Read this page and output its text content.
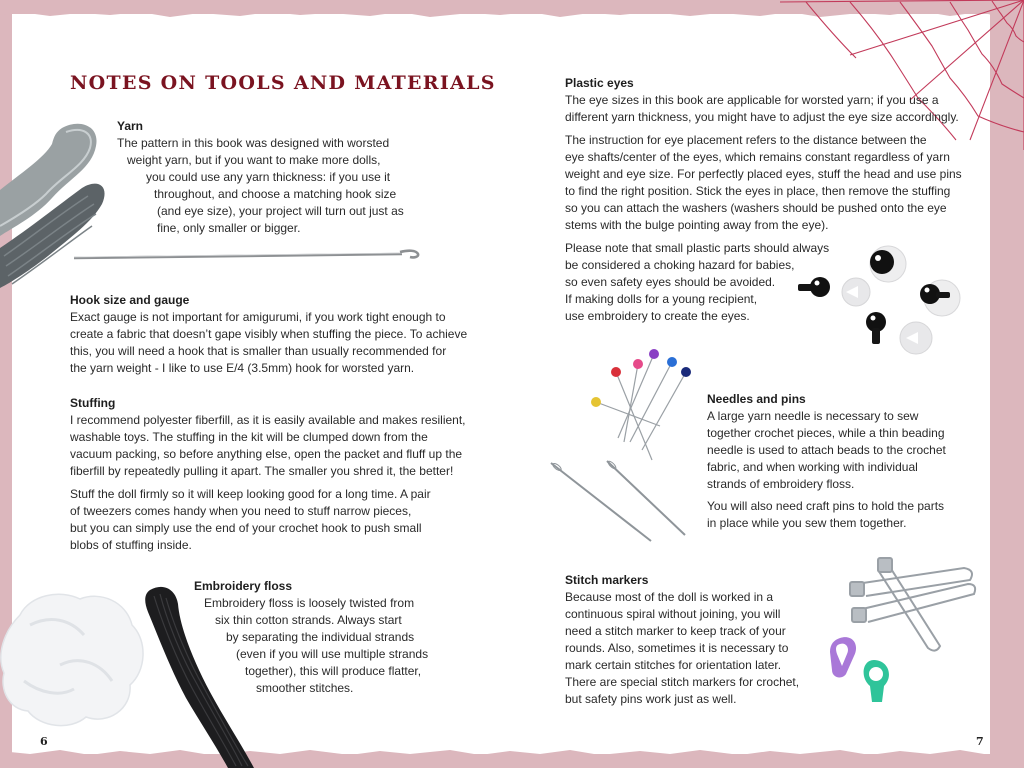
NOTES ON TOOLS AND MATERIALS
Yarn
The pattern in this book was designed with worsted
weight yarn, but if you want to make more dolls,
you could use any yarn thickness: if you use it
throughout, and choose a matching hook size
(and eye size), your project will turn out just as
fine, only smaller or bigger.
Hook size and gauge
Exact gauge is not important for amigurumi, if you work tight enough to
create a fabric that doesn’t gape visibly when stuffing the piece. To achieve
this, you will need a hook that is smaller than usually recommended for
the yarn weight - I like to use E/4 (3.5mm) hook for worsted yarn.
Stuffing
I recommend polyester fiberfill, as it is easily available and makes resilient,
washable toys. The stuffing in the kit will be clumped down from the
vacuum packing, so before anything else, open the packet and fluff up the
fiberfill by repeatedly pulling it apart. The smaller you shred it, the better!
Stuff the doll firmly so it will keep looking good for a long time. A pair
of tweezers comes handy when you need to stuff narrow pieces,
but you can simply use the end of your crochet hook to push small
blobs of stuffing inside.
Embroidery floss
Embroidery floss is loosely twisted from
six thin cotton strands. Always start
by separating the individual strands
(even if you will use multiple strands
together), this will produce flatter,
smoother stitches.
6
Plastic eyes
The eye sizes in this book are applicable for worsted yarn; if you use a
different yarn thickness, you might have to adjust the eye size accordingly.
The instruction for eye placement refers to the distance between the
eye shafts/center of the eyes, which remains constant regardless of yarn
weight and eye size. For perfectly placed eyes, stuff the head and use pins
to find the right position. Stick the eyes in place, then remove the stuffing
so you can attach the washers (washers should be pushed onto the eye
stems with the bulge pointing away from the eye).
Please note that small plastic parts should always
be considered a choking hazard for babies,
so even safety eyes should be avoided.
If making dolls for a young recipient,
use embroidery to create the eyes.
Needles and pins
A large yarn needle is necessary to sew
together crochet pieces, while a thin beading
needle is used to attach beads to the crochet
fabric, and when working with individual
strands of embroidery floss.
You will also need craft pins to hold the parts
in place while you sew them together.
Stitch markers
Because most of the doll is worked in a
continuous spiral without joining, you will
need a stitch marker to keep track of your
rounds. Also, sometimes it is necessary to
mark certain stitches for orientation later.
There are special stitch markers for crochet,
but safety pins work just as well.
7
